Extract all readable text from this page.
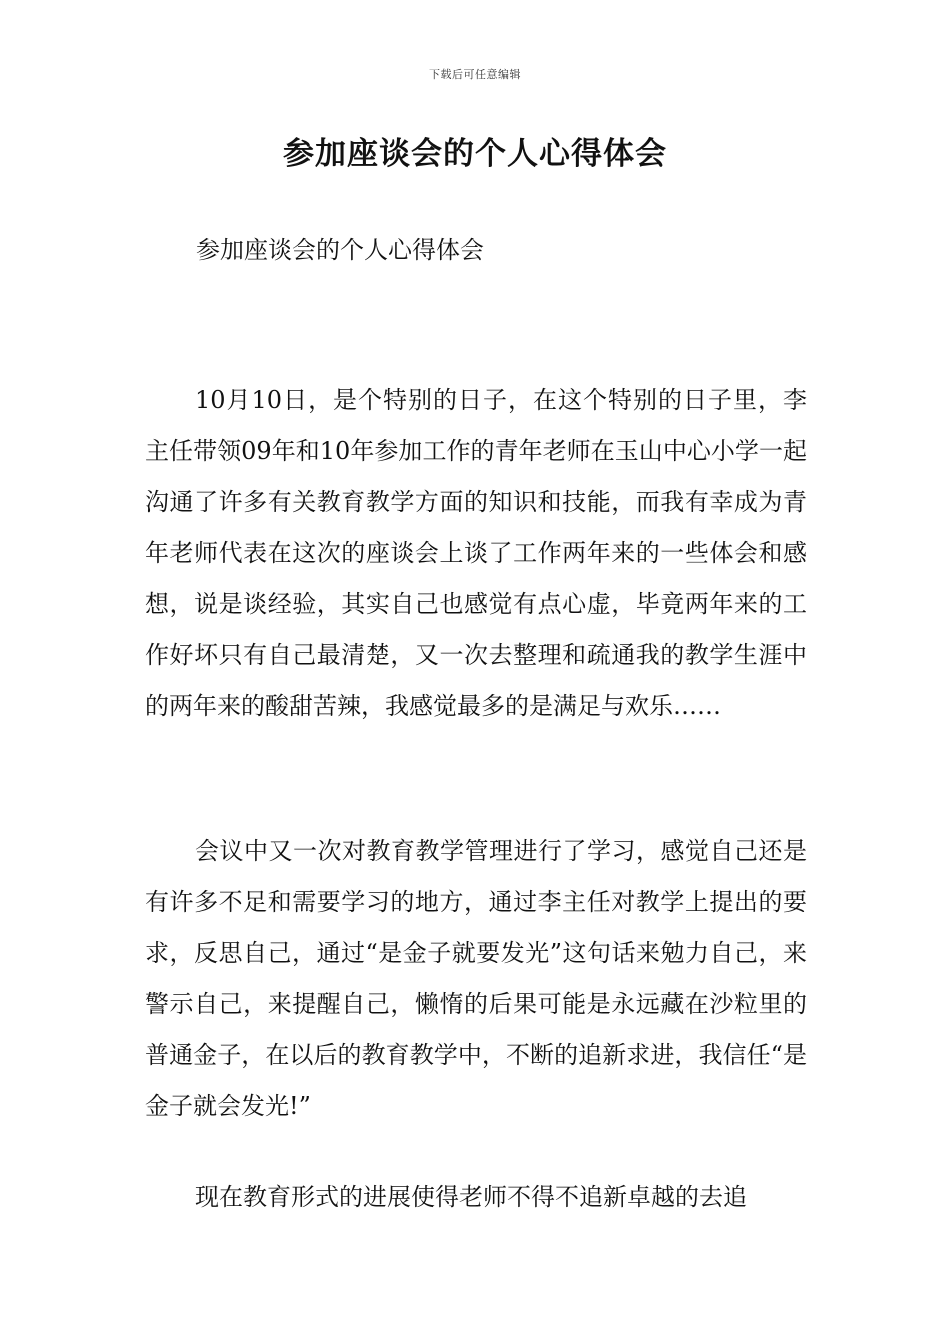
下载后可任意编辑
参加座谈会的个人心得体会

参加座谈会的个人心得体会

10月10日，是个特别的日子，在这个特别的日子里，李主任带领09年和10年参加工作的青年老师在玉山中心小学一起沟通了许多有关教育教学方面的知识和技能，而我有幸成为青年老师代表在这次的座谈会上谈了工作两年来的一些体会和感想，说是谈经验，其实自己也感觉有点心虚，毕竟两年来的工作好坏只有自己最清楚，又一次去整理和疏通我的教学生涯中的两年来的酸甜苦辣，我感觉最多的是满足与欢乐……

会议中又一次对教育教学管理进行了学习，感觉自己还是有许多不足和需要学习的地方，通过李主任对教学上提出的要求，反思自己，通过“是金子就要发光”这句话来勉力自己，来警示自己，来提醒自己，懒惰的后果可能是永远藏在沙粒里的普通金子，在以后的教育教学中，不断的追新求进，我信任“是金子就会发光!”

现在教育形式的进展使得老师不得不追新卓越的去追
